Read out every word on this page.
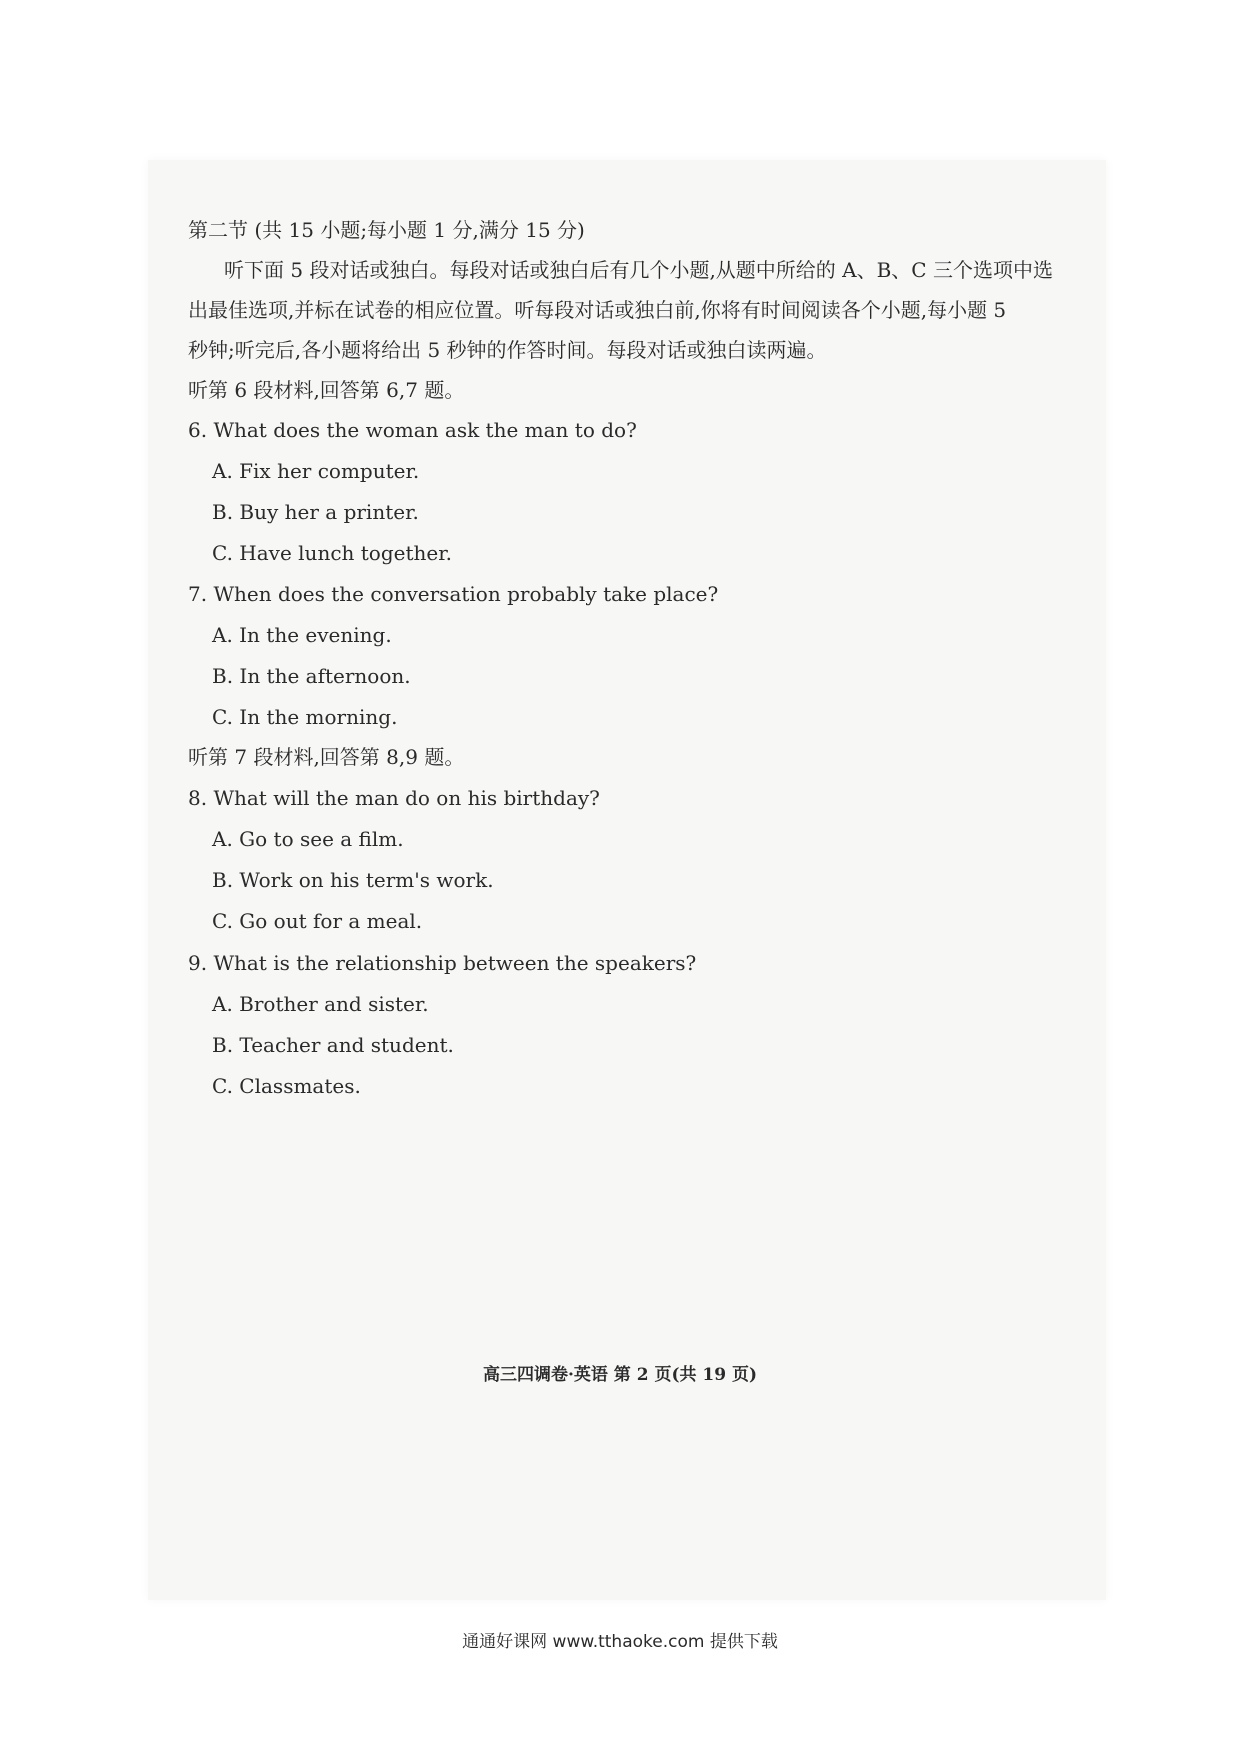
第二节 (共 15 小题;每小题 1 分,满分 15 分)
听下面 5 段对话或独白。每段对话或独白后有几个小题,从题中所给的 A、B、C 三个选项中选
出最佳选项,并标在试卷的相应位置。听每段对话或独白前,你将有时间阅读各个小题,每小题 5
秒钟;听完后,各小题将给出 5 秒钟的作答时间。每段对话或独白读两遍。
听第 6 段材料,回答第 6,7 题。
6. What does the woman ask the man to do?
A. Fix her computer.
B. Buy her a printer.
C. Have lunch together.
7. When does the conversation probably take place?
A. In the evening.
B. In the afternoon.
C. In the morning.
听第 7 段材料,回答第 8,9 题。
8. What will the man do on his birthday?
A. Go to see a film.
B. Work on his term's work.
C. Go out for a meal.
9. What is the relationship between the speakers?
A. Brother and sister.
B. Teacher and student.
C. Classmates.
高三四调卷·英语 第 2 页(共 19 页)
通通好课网 www.tthaoke.com 提供下载
